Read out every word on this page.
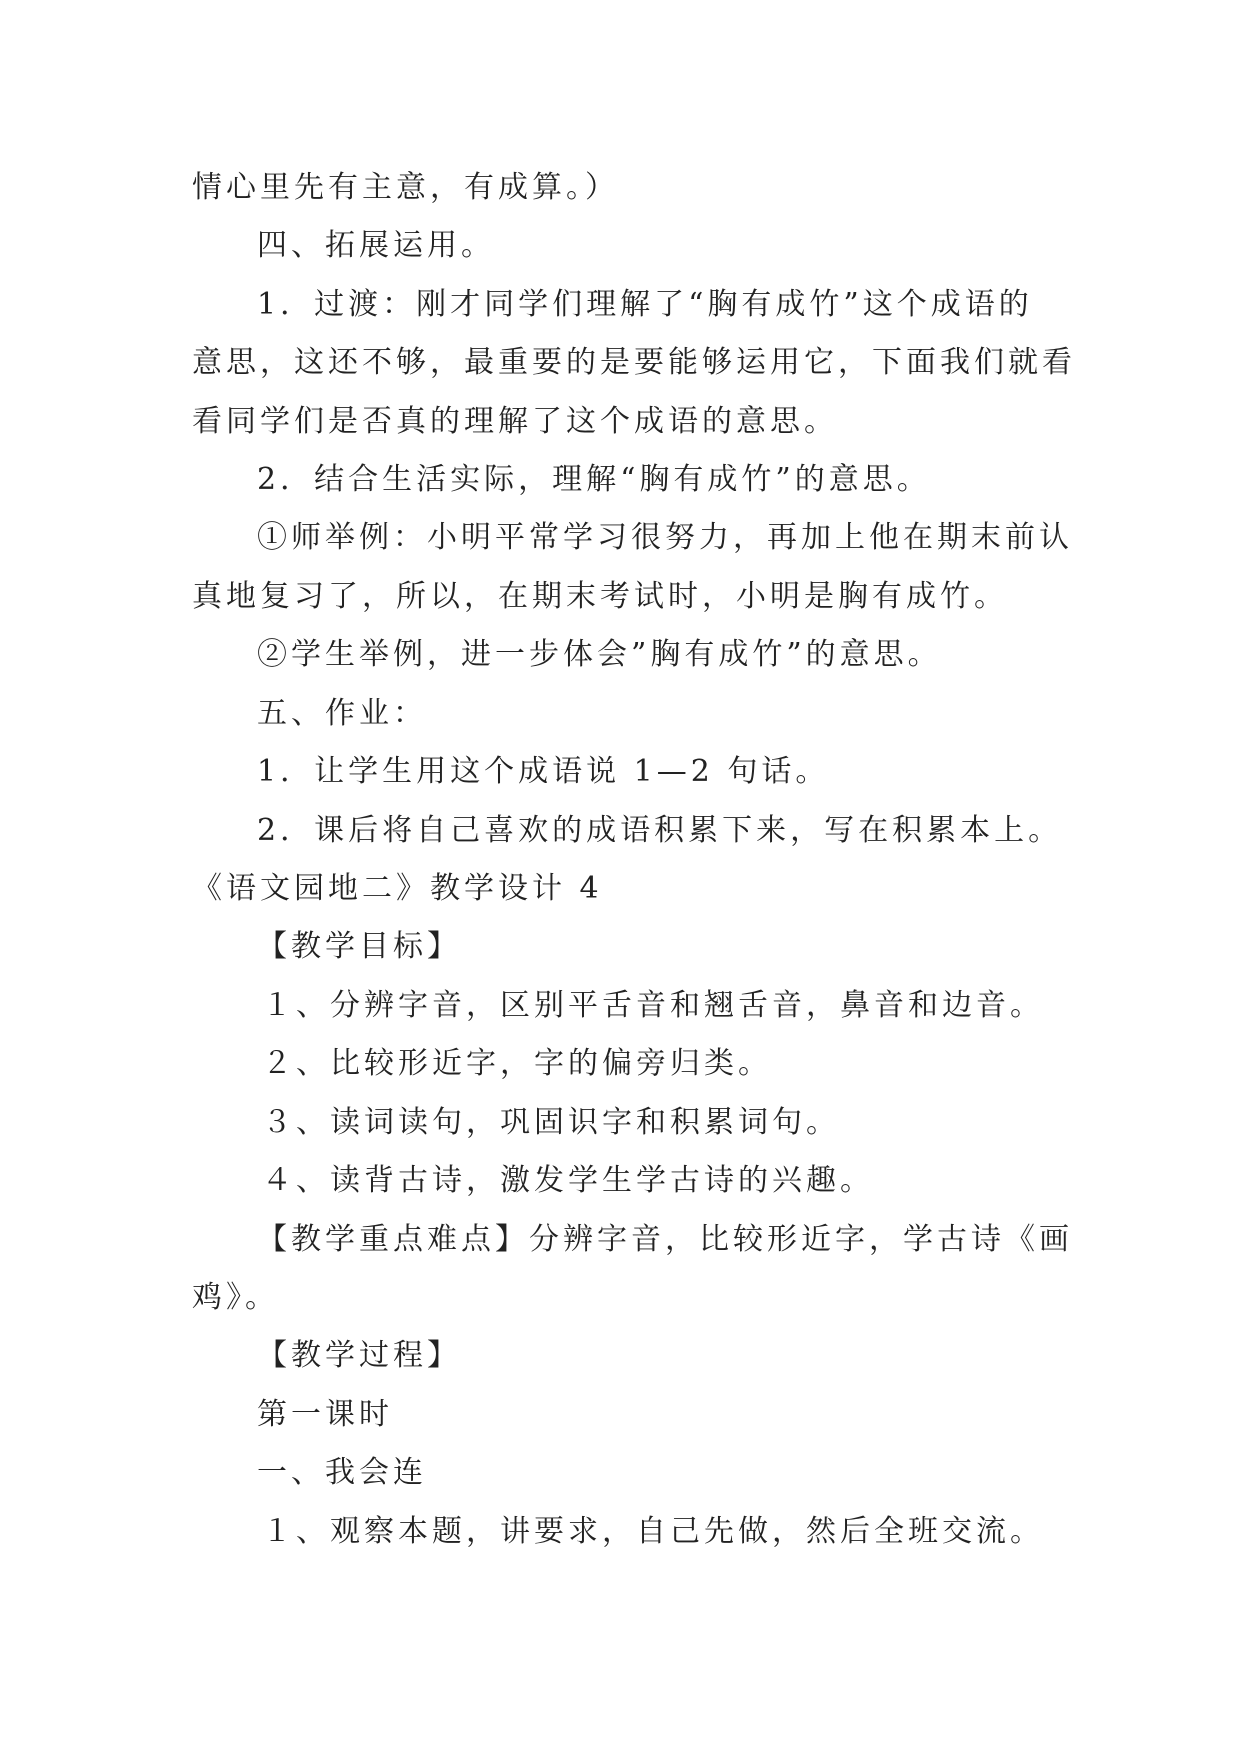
情心里先有主意，有成算。）
四、拓展运用。
1．过渡：刚才同学们理解了“胸有成竹”这个成语的
意思，这还不够，最重要的是要能够运用它，下面我们就看
看同学们是否真的理解了这个成语的意思。
2．结合生活实际，理解“胸有成竹”的意思。
①师举例：小明平常学习很努力，再加上他在期末前认
真地复习了，所以，在期末考试时，小明是胸有成竹。
②学生举例，进一步体会”胸有成竹”的意思。
五、作业：
1．让学生用这个成语说 1—2 句话。
2．课后将自己喜欢的成语积累下来，写在积累本上。
《语文园地二》教学设计 4
【教学目标】
１、分辨字音，区别平舌音和翘舌音，鼻音和边音。
２、比较形近字，字的偏旁归类。
３、读词读句，巩固识字和积累词句。
４、读背古诗，激发学生学古诗的兴趣。
【教学重点难点】分辨字音，比较形近字，学古诗《画
鸡》。
【教学过程】
第一课时
一、我会连
１、观察本题，讲要求，自己先做，然后全班交流。
